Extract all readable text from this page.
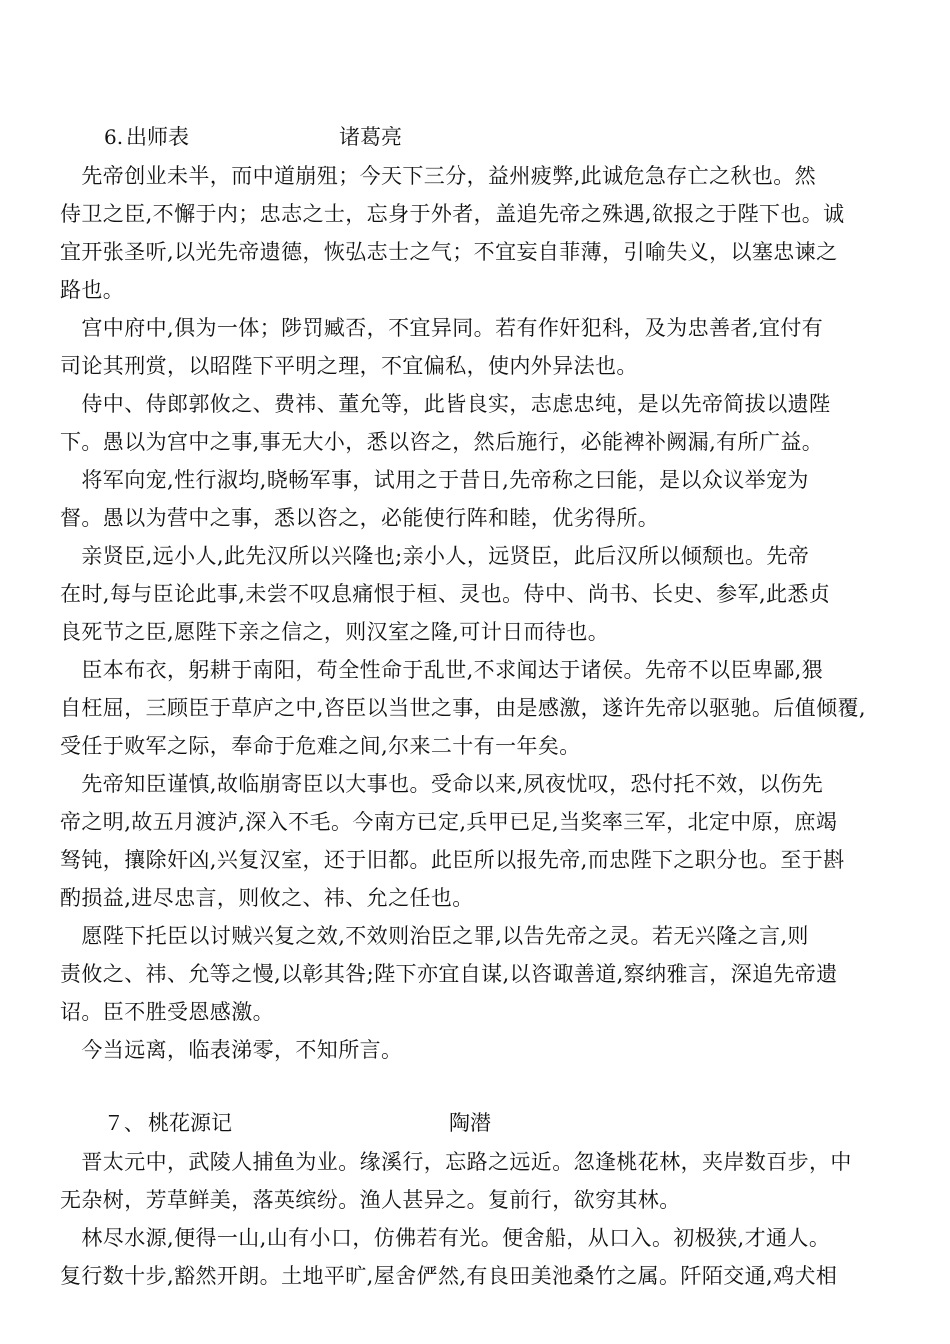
6. 出师表	诸葛亮
　先帝创业未半，而中道崩殂；今天下三分，益州疲弊,此诚危急存亡之秋也。然
侍卫之臣,不懈于内；忠志之士，忘身于外者，盖追先帝之殊遇,欲报之于陛下也。诚
宜开张圣听,以光先帝遗德，恢弘志士之气；不宜妄自菲薄，引喻失义，以塞忠谏之
路也。
　宫中府中,俱为一体；陟罚臧否，不宜异同。若有作奸犯科，及为忠善者,宜付有
司论其刑赏，以昭陛下平明之理，不宜偏私，使内外异法也。
　侍中、侍郎郭攸之、费祎、董允等，此皆良实，志虑忠纯，是以先帝简拔以遗陛
下。愚以为宫中之事,事无大小，悉以咨之，然后施行，必能裨补阙漏,有所广益。
　将军向宠,性行淑均,晓畅军事，试用之于昔日,先帝称之曰能，是以众议举宠为
督。愚以为营中之事，悉以咨之，必能使行阵和睦，优劣得所。
　亲贤臣,远小人,此先汉所以兴隆也;亲小人，远贤臣，此后汉所以倾颓也。先帝
在时,每与臣论此事,未尝不叹息痛恨于桓、灵也。侍中、尚书、长史、参军,此悉贞
良死节之臣,愿陛下亲之信之，则汉室之隆,可计日而待也。
　臣本布衣，躬耕于南阳，苟全性命于乱世,不求闻达于诸侯。先帝不以臣卑鄙,猥
自枉屈，三顾臣于草庐之中,咨臣以当世之事，由是感激，遂许先帝以驱驰。后值倾覆,
受任于败军之际，奉命于危难之间,尔来二十有一年矣。
　先帝知臣谨慎,故临崩寄臣以大事也。受命以来,夙夜忧叹，恐付托不效，以伤先
帝之明,故五月渡泸,深入不毛。今南方已定,兵甲已足,当奖率三军，北定中原，庶竭
驽钝，攘除奸凶,兴复汉室，还于旧都。此臣所以报先帝,而忠陛下之职分也。至于斟
酌损益,进尽忠言，则攸之、祎、允之任也。
　愿陛下托臣以讨贼兴复之效,不效则治臣之罪,以告先帝之灵。若无兴隆之言,则
责攸之、祎、允等之慢,以彰其咎;陛下亦宜自谋,以咨诹善道,察纳雅言，深追先帝遗
诏。臣不胜受恩感激。
　今当远离，临表涕零，不知所言。
７、 桃花源记	陶潜
　晋太元中，武陵人捕鱼为业。缘溪行，忘路之远近。忽逢桃花林，夹岸数百步，中
无杂树，芳草鲜美，落英缤纷。渔人甚异之。复前行，欲穷其林。
　林尽水源,便得一山,山有小口，仿佛若有光。便舍船，从口入。初极狭,才通人。
复行数十步,豁然开朗。土地平旷,屋舍俨然,有良田美池桑竹之属。阡陌交通,鸡犬相
